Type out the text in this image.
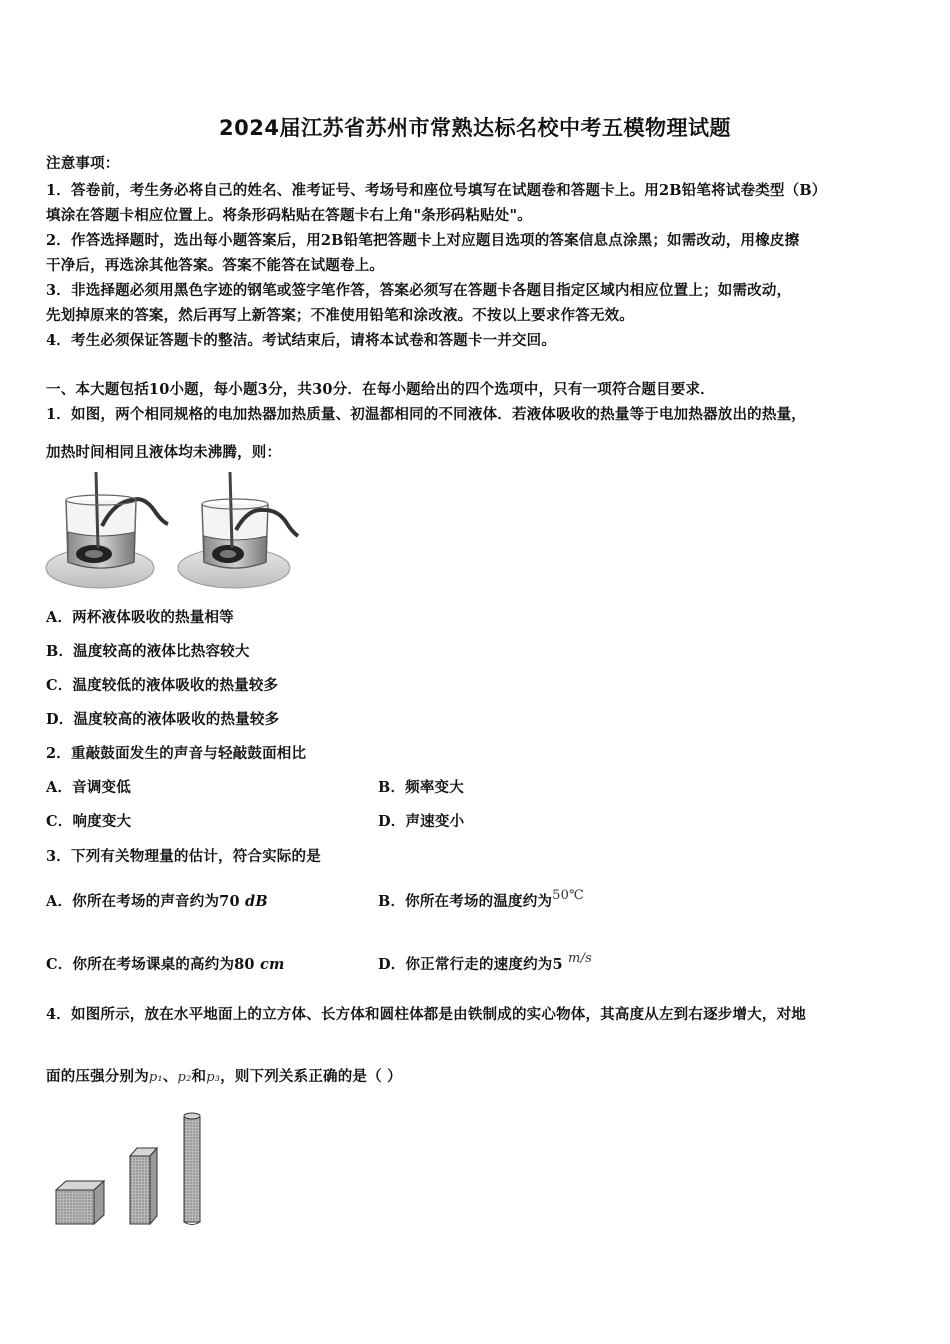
2024届江苏省苏州市常熟达标名校中考五模物理试题
注意事项：
1．答卷前，考生务必将自己的姓名、准考证号、考场号和座位号填写在试题卷和答题卡上。用2B铅笔将试卷类型（B）
填涂在答题卡相应位置上。将条形码粘贴在答题卡右上角"条形码粘贴处"。
2．作答选择题时，选出每小题答案后，用2B铅笔把答题卡上对应题目选项的答案信息点涂黑；如需改动，用橡皮擦
干净后，再选涂其他答案。答案不能答在试题卷上。
3．非选择题必须用黑色字迹的钢笔或签字笔作答，答案必须写在答题卡各题目指定区域内相应位置上；如需改动，
先划掉原来的答案，然后再写上新答案；不准使用铅笔和涂改液。不按以上要求作答无效。
4．考生必须保证答题卡的整洁。考试结束后，请将本试卷和答题卡一并交回。
一、本大题包括10小题，每小题3分，共30分．在每小题给出的四个选项中，只有一项符合题目要求．
1．如图，两个相同规格的电加热器加热质量、初温都相同的不同液体．若液体吸收的热量等于电加热器放出的热量，
加热时间相同且液体均未沸腾，则：
A．两杯液体吸收的热量相等
B．温度较高的液体比热容较大
C．温度较低的液体吸收的热量较多
D．温度较高的液体吸收的热量较多
2．重敲鼓面发生的声音与轻敲鼓面相比
A．音调变低	B．频率变大
C．响度变大	D．声速变小
3．下列有关物理量的估计，符合实际的是
A．你所在考场的声音约为70 dB	B．你所在考场的温度约为50℃
C．你所在考场课桌的高约为80 cm	D．你正常行走的速度约为5 m/s
4．如图所示，放在水平地面上的立方体、长方体和圆柱体都是由铁制成的实心物体，其高度从左到右逐步增大，对地
面的压强分别为p₁、p₂和p₃，则下列关系正确的是（ ）
